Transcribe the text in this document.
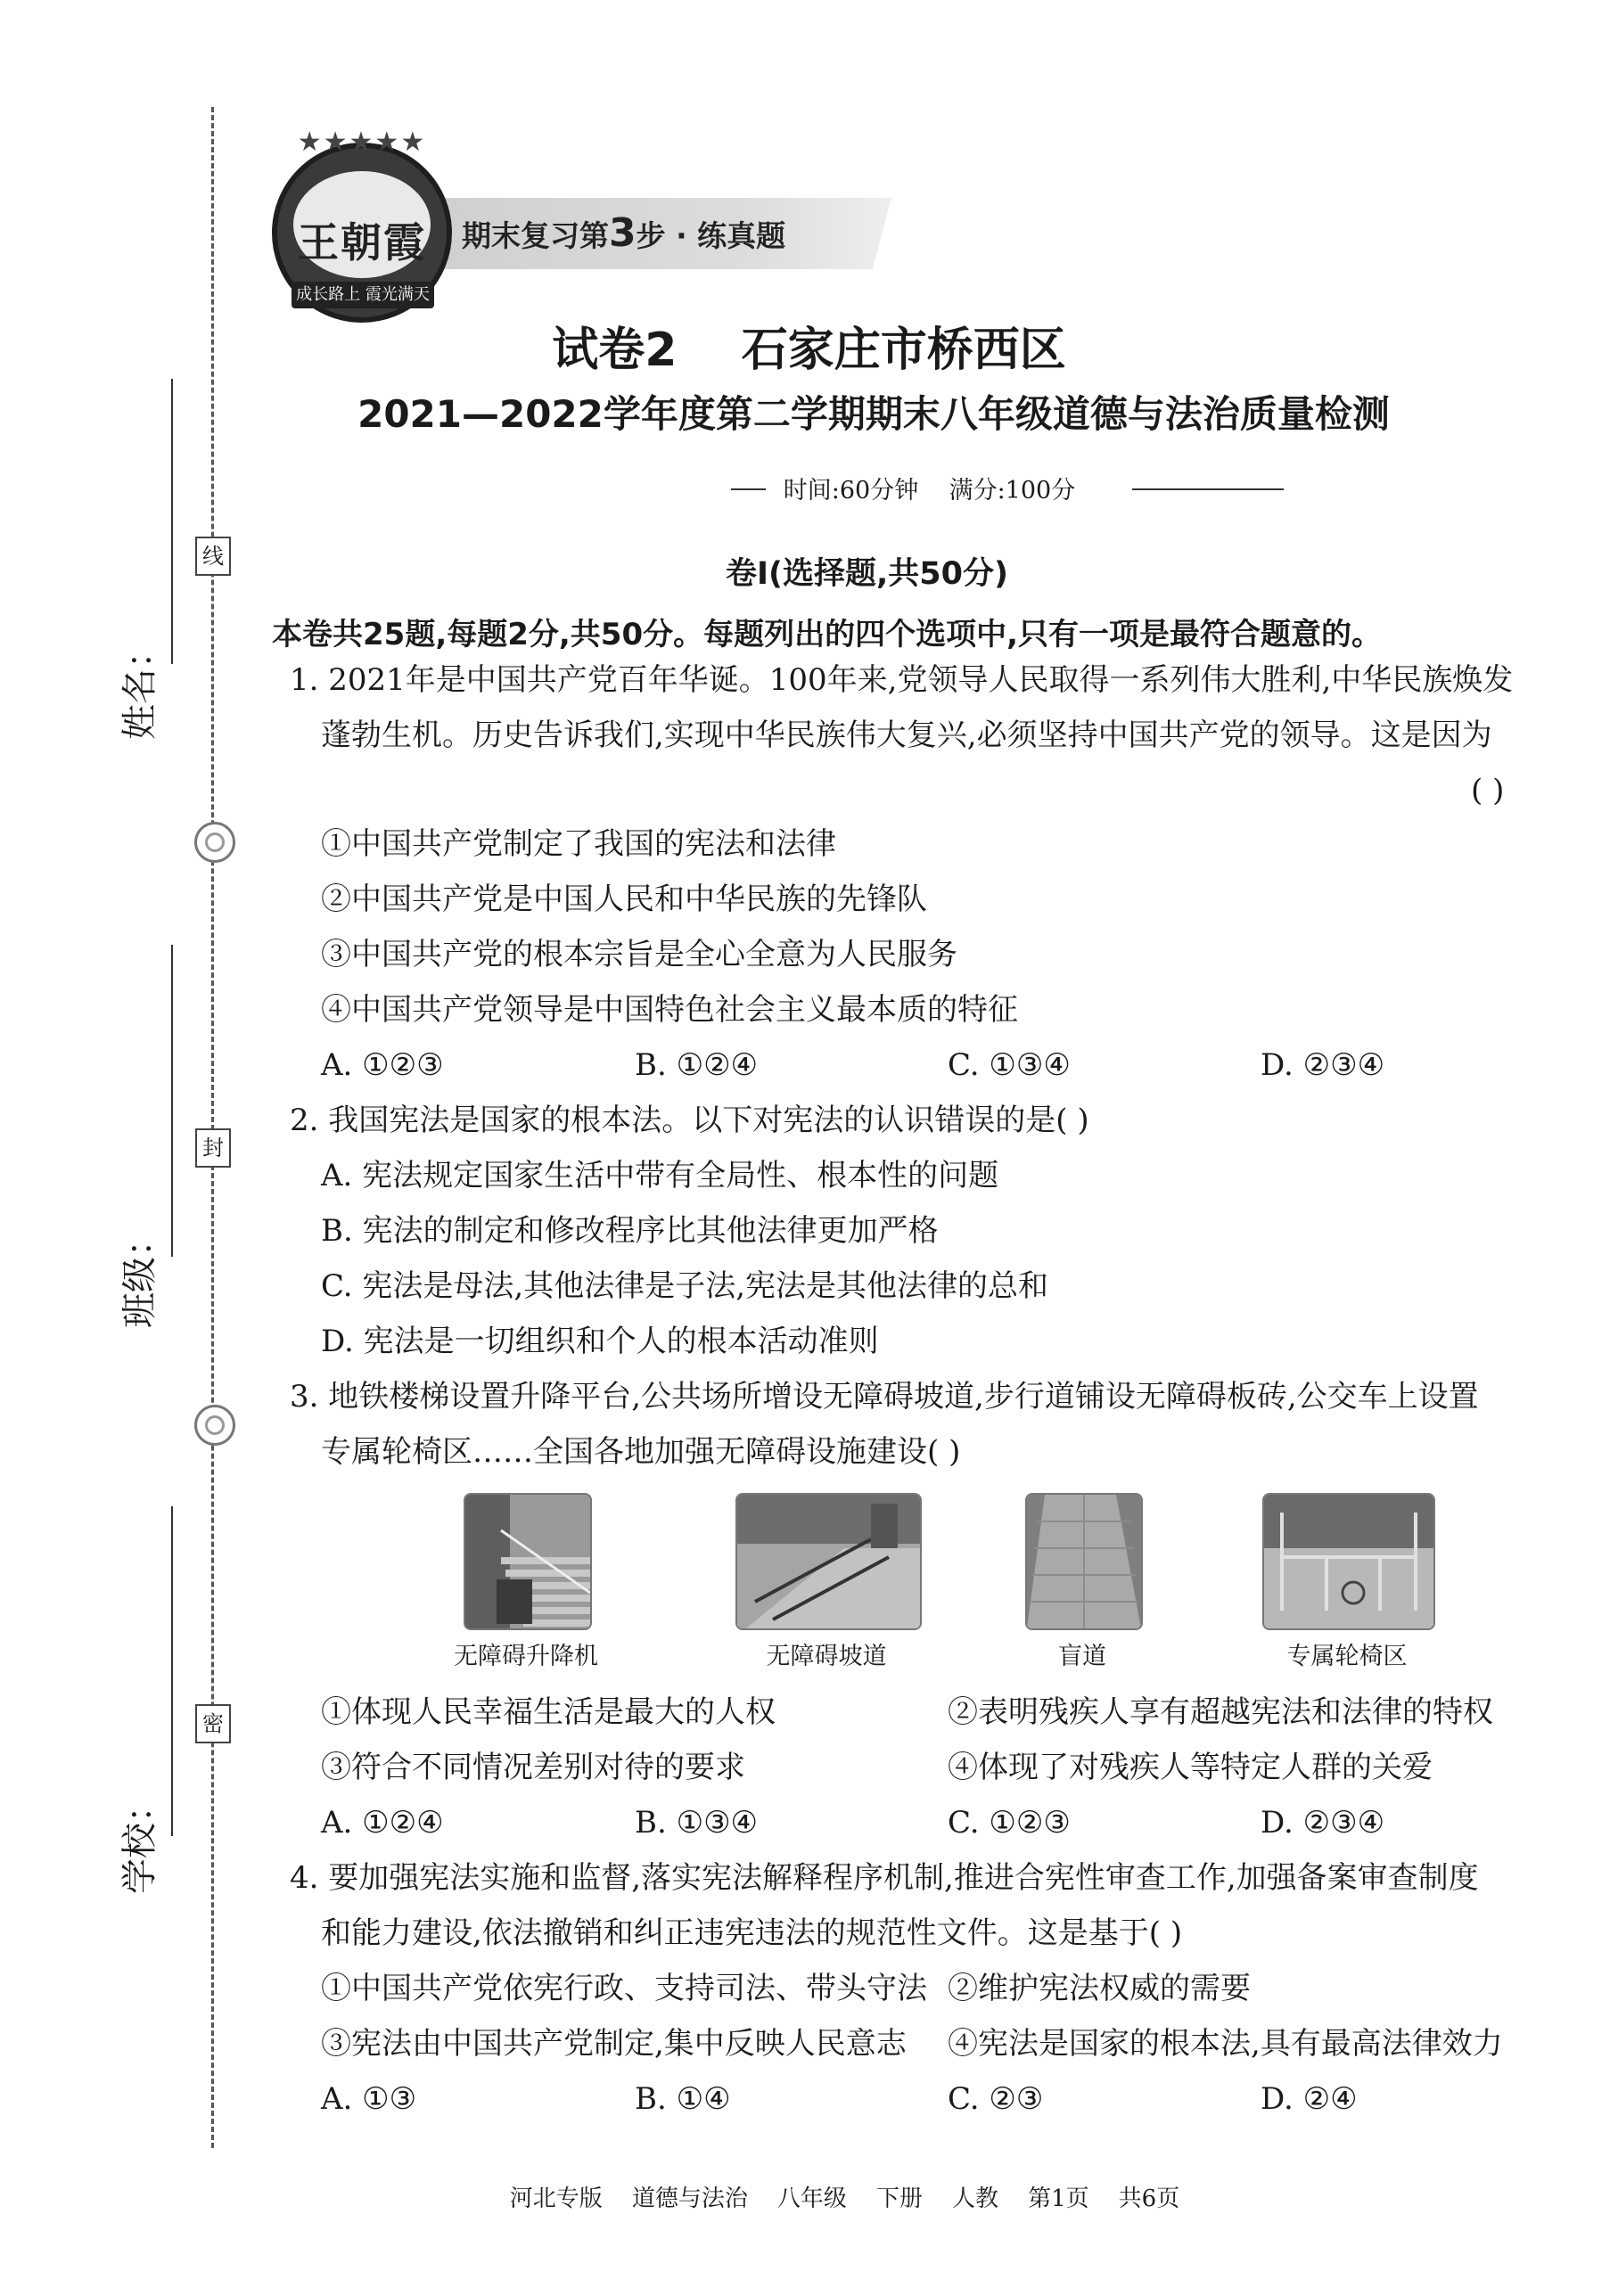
线
封
密
姓名：
班级：
学校：
期末复习第3步 · 练真题
★★★★★
王朝霞
成长路上 霞光满天
试卷2    石家庄市桥西区
2021—2022学年度第二学期期末八年级道德与法治质量检测
时间:60分钟    满分:100分
卷Ⅰ(选择题,共50分)
本卷共25题,每题2分,共50分。每题列出的四个选项中,只有一项是最符合题意的。
1. 2021年是中国共产党百年华诞。100年来,党领导人民取得一系列伟大胜利,中华民族焕发
蓬勃生机。历史告诉我们,实现中华民族伟大复兴,必须坚持中国共产党的领导。这是因为
( )
①中国共产党制定了我国的宪法和法律
②中国共产党是中国人民和中华民族的先锋队
③中国共产党的根本宗旨是全心全意为人民服务
④中国共产党领导是中国特色社会主义最本质的特征
A. ①②③	B. ①②④	C. ①③④	D. ②③④
2. 我国宪法是国家的根本法。以下对宪法的认识错误的是( )
A. 宪法规定国家生活中带有全局性、根本性的问题
B. 宪法的制定和修改程序比其他法律更加严格
C. 宪法是母法,其他法律是子法,宪法是其他法律的总和
D. 宪法是一切组织和个人的根本活动准则
3. 地铁楼梯设置升降平台,公共场所增设无障碍坡道,步行道铺设无障碍板砖,公交车上设置
专属轮椅区……全国各地加强无障碍设施建设( )
无障碍升降机	无障碍坡道	盲道	专属轮椅区
①体现人民幸福生活是最大的人权	②表明残疾人享有超越宪法和法律的特权
③符合不同情况差别对待的要求	④体现了对残疾人等特定人群的关爱
A. ①②④	B. ①③④	C. ①②③	D. ②③④
4. 要加强宪法实施和监督,落实宪法解释程序机制,推进合宪性审查工作,加强备案审查制度
和能力建设,依法撤销和纠正违宪违法的规范性文件。这是基于( )
①中国共产党依宪行政、支持司法、带头守法 ②维护宪法权威的需要
③宪法由中国共产党制定,集中反映人民意志 ④宪法是国家的根本法,具有最高法律效力
A. ①③	B. ①④	C. ②③	D. ②④
河北专版    道德与法治    八年级    下册    人教    第1页    共6页
